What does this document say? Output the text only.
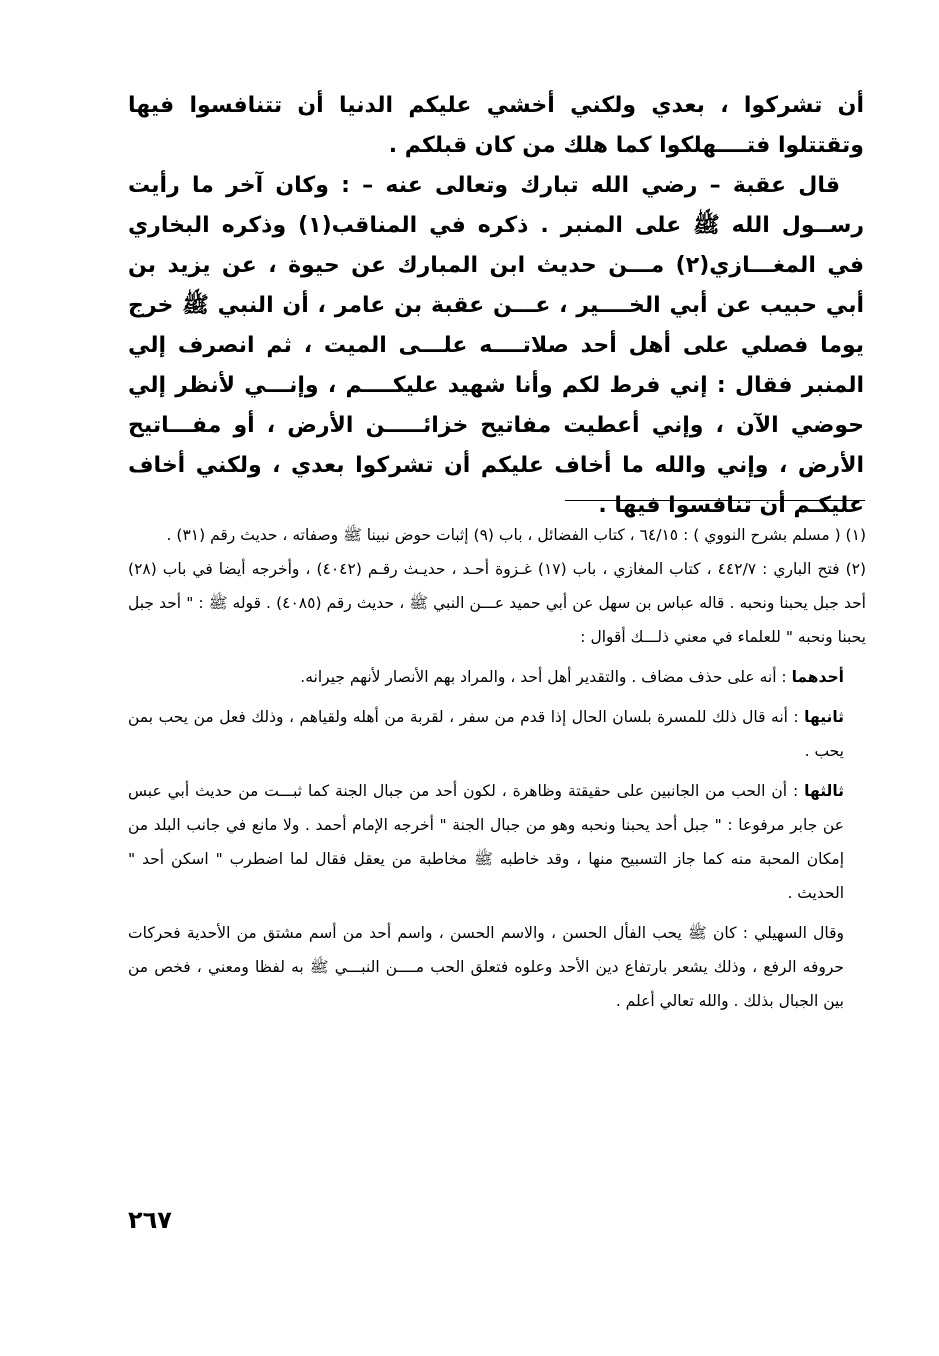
أن تشركوا ، بعدي ولكني أخشي عليكم الدنيا أن تتنافسوا فيها وتقتتلوا فتــــهلكوا كما هلك من كان قبلكم .

قال عقبة – رضي الله تبارك وتعالى عنه – : وكان آخر ما رأيت رســول الله ﷺ على المنبر . ذكره في المناقب(١) وذكره البخاري في المغـــازي(٢) مـــن حديث ابن المبارك عن حيوة ، عن يزيد بن أبي حبيب عن أبي الخــــير ، عـــن عقبة بن عامر ، أن النبي ﷺ خرج يوما فصلي على أهل أحد صلاتــــه علـــى الميت ، ثم انصرف إلي المنبر فقال : إني فرط لكم وأنا شهيد عليكــــم ، وإنـــي لأنظر إلي حوضي الآن ، وإني أعطيت مفاتيح خزائـــــن الأرض ، أو مفـــاتيح الأرض ، وإني والله ما أخاف عليكم أن تشركوا بعدي ، ولكني أخاف عليكـم أن تنافسوا فيها .

(١) ( مسلم بشرح النووي ) : ٦٤/١٥ ، كتاب الفضائل ، باب (٩) إثبات حوض نبينا ﷺ وصفاته ، حديث رقم (٣١) .

(٢) فتح الباري : ٤٤٢/٧ ، كتاب المغازي ، باب (١٧) غـزوة أحـد ، حديـث رقـم (٤٠٤٢) ، وأخرجه أيضا في باب (٢٨) أحد جبل يحبنا ونحبه . قاله عباس بن سهل عن أبي حميد عـــن النبي ﷺ ، حديث رقم (٤٠٨٥) . قوله ﷺ : " أحد جبل يحبنا ونحبه " للعلماء في معني ذلـــك أقوال :

أحدهما : أنه على حذف مضاف . والتقدير أهل أحد ، والمراد بهم الأنصار لأنهم جيرانه.

ثانيها : أنه قال ذلك للمسرة بلسان الحال إذا قدم من سفر ، لقربة من أهله ولقياهم ، وذلك فعل من يحب بمن يحب .

ثالثها : أن الحب من الجانبين على حقيقتة وظاهرة ، لكون أحد من جبال الجنة كما ثبـــت من حديث أبي عبس عن جابر مرفوعا : " جبل أحد يحبنا ونحبه وهو من جبال الجنة " أخرجه الإمام أحمد . ولا مانع في جانب البلد من إمكان المحبة منه كما جاز التسبيح منها ، وقد خاطبه ﷺ مخاطبة من يعقل فقال لما اضطرب " اسكن أحد " الحديث .

وقال السهيلي : كان ﷺ يحب الفأل الحسن ، والاسم الحسن ، واسم أحد من أسم مشتق من الأحدية فحركات حروفه الرفع ، وذلك يشعر بارتفاع دين الأحد وعلوه فتعلق الحب مــــن النبـــي ﷺ به لفظا ومعني ، فخص من بين الجبال بذلك . والله تعالي أعلم .

٢٦٧
